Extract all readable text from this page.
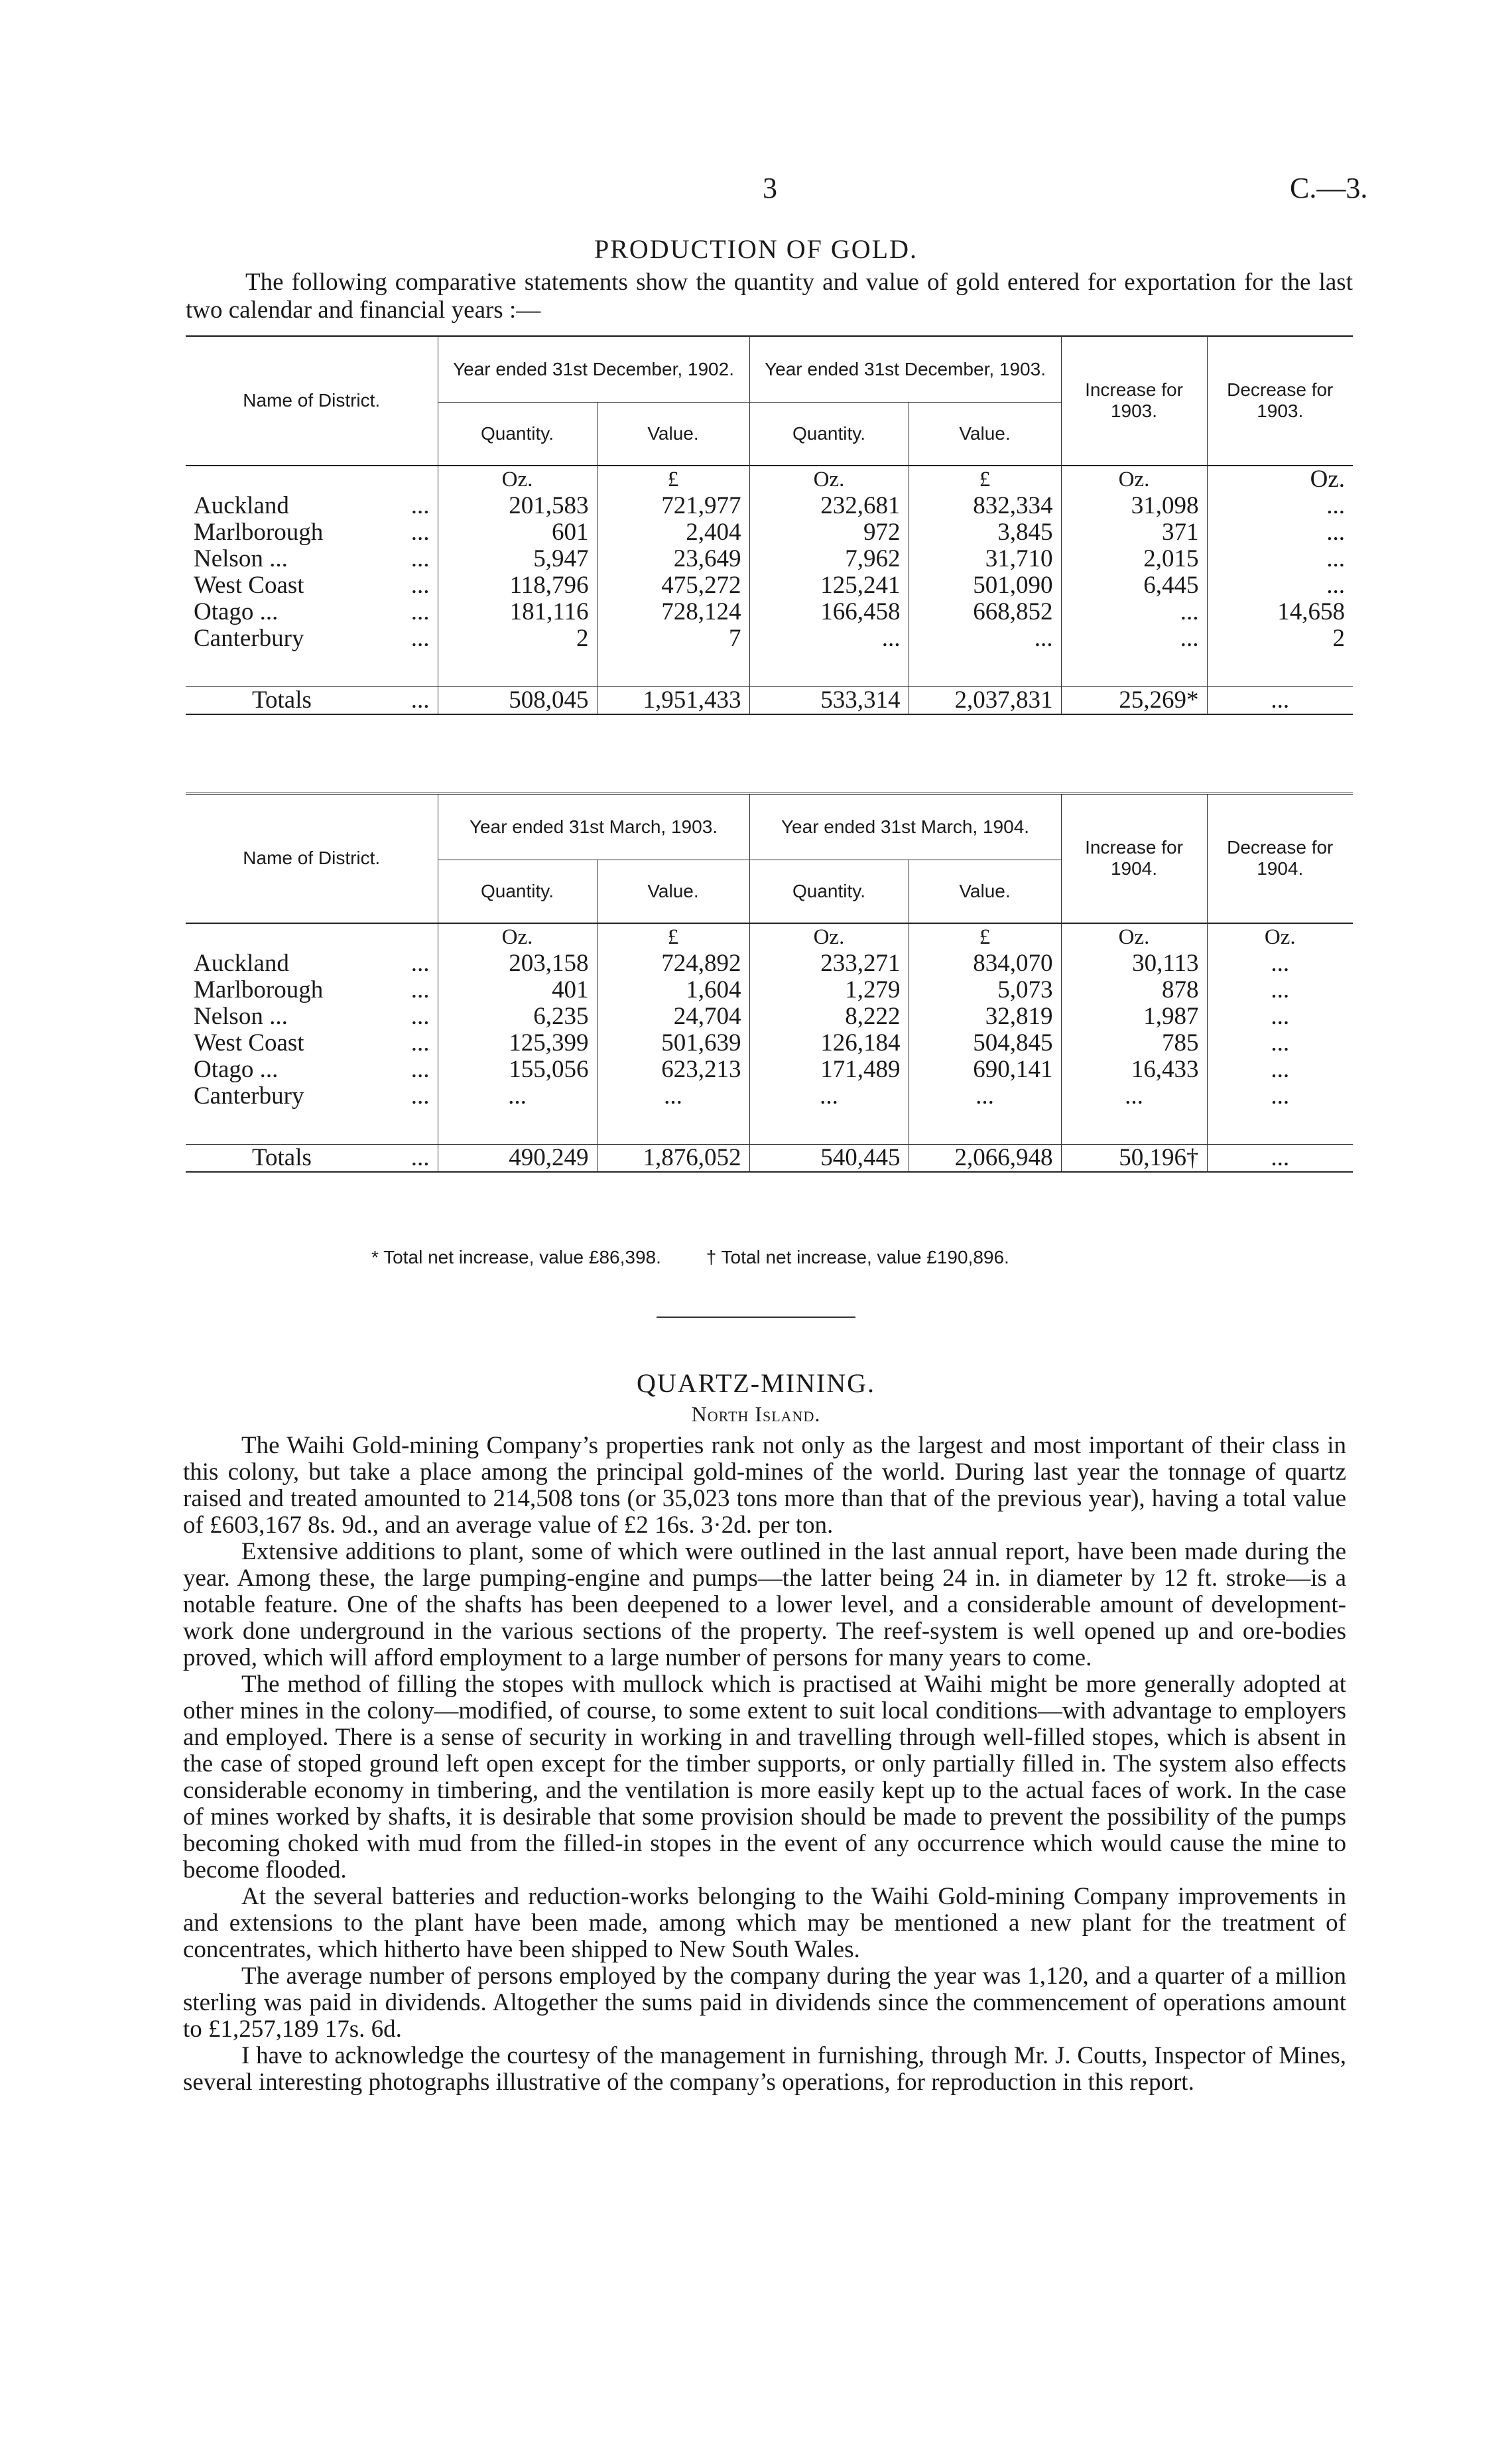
3	C.—3.
PRODUCTION OF GOLD.
The following comparative statements show the quantity and value of gold entered for exportation for the last two calendar and financial years :—
Name of District.	Year ended 31st December, 1902.		Year ended 31st December, 1903.		Increase for 1903.	Decrease for 1903.
	Quantity.	Value.	Quantity.	Value.		
	Oz.	£	Oz.	£	Oz.	Oz.
Auckland ...	201,583	721,977	232,681	832,334	31,098	...
Marlborough ...	601	2,404	972	3,845	371	...
Nelson ... ...	5,947	23,649	7,962	31,710	2,015	...
West Coast ...	118,796	475,272	125,241	501,090	6,445	...
Otago ... ...	181,116	728,124	166,458	668,852	...	14,658
Canterbury ...	2	7	...	...	...	2

Totals ...	508,045	1,951,433	533,314	2,037,831	25,269*	...
Name of District.	Year ended 31st March, 1903.		Year ended 31st March, 1904.		Increase for 1904.	Decrease for 1904.
	Quantity.	Value.	Quantity.	Value.		
	Oz.	£	Oz.	£	Oz.	Oz.
Auckland ...	203,158	724,892	233,271	834,070	30,113	...
Marlborough ...	401	1,604	1,279	5,073	878	...
Nelson ... ...	6,235	24,704	8,222	32,819	1,987	...
West Coast ...	125,399	501,639	126,184	504,845	785	...
Otago ... ...	155,056	623,213	171,489	690,141	16,433	...
Canterbury ...	...	...	...	...	...	...

Totals ...	490,249	1,876,052	540,445	2,066,948	50,196†	...
* Total net increase, value £86,398. † Total net increase, value £190,896.
QUARTZ-MINING.
North Island.

The Waihi Gold-mining Company’s properties rank not only as the largest and most important of their class in this colony, but take a place among the principal gold-mines of the world. During last year the tonnage of quartz raised and treated amounted to 214,508 tons (or 35,023 tons more than that of the previous year), having a total value of £603,167 8s. 9d., and an average value of £2 16s. 3·2d. per ton.

Extensive additions to plant, some of which were outlined in the last annual report, have been made during the year. Among these, the large pumping-engine and pumps—the latter being 24 in. in diameter by 12 ft. stroke—is a notable feature. One of the shafts has been deepened to a lower level, and a considerable amount of development-work done underground in the various sections of the property. The reef-system is well opened up and ore-bodies proved, which will afford employment to a large number of persons for many years to come.

The method of filling the stopes with mullock which is practised at Waihi might be more generally adopted at other mines in the colony—modified, of course, to some extent to suit local conditions—with advantage to employers and employed. There is a sense of security in working in and travelling through well-filled stopes, which is absent in the case of stoped ground left open except for the timber supports, or only partially filled in. The system also effects considerable economy in timbering, and the ventilation is more easily kept up to the actual faces of work. In the case of mines worked by shafts, it is desirable that some provision should be made to prevent the possibility of the pumps becoming choked with mud from the filled-in stopes in the event of any occurrence which would cause the mine to become flooded.

At the several batteries and reduction-works belonging to the Waihi Gold-mining Company improvements in and extensions to the plant have been made, among which may be mentioned a new plant for the treatment of concentrates, which hitherto have been shipped to New South Wales.

The average number of persons employed by the company during the year was 1,120, and a quarter of a million sterling was paid in dividends. Altogether the sums paid in dividends since the commencement of operations amount to £1,257,189 17s. 6d.

I have to acknowledge the courtesy of the management in furnishing, through Mr. J. Coutts, Inspector of Mines, several interesting photographs illustrative of the company’s operations, for reproduction in this report.
